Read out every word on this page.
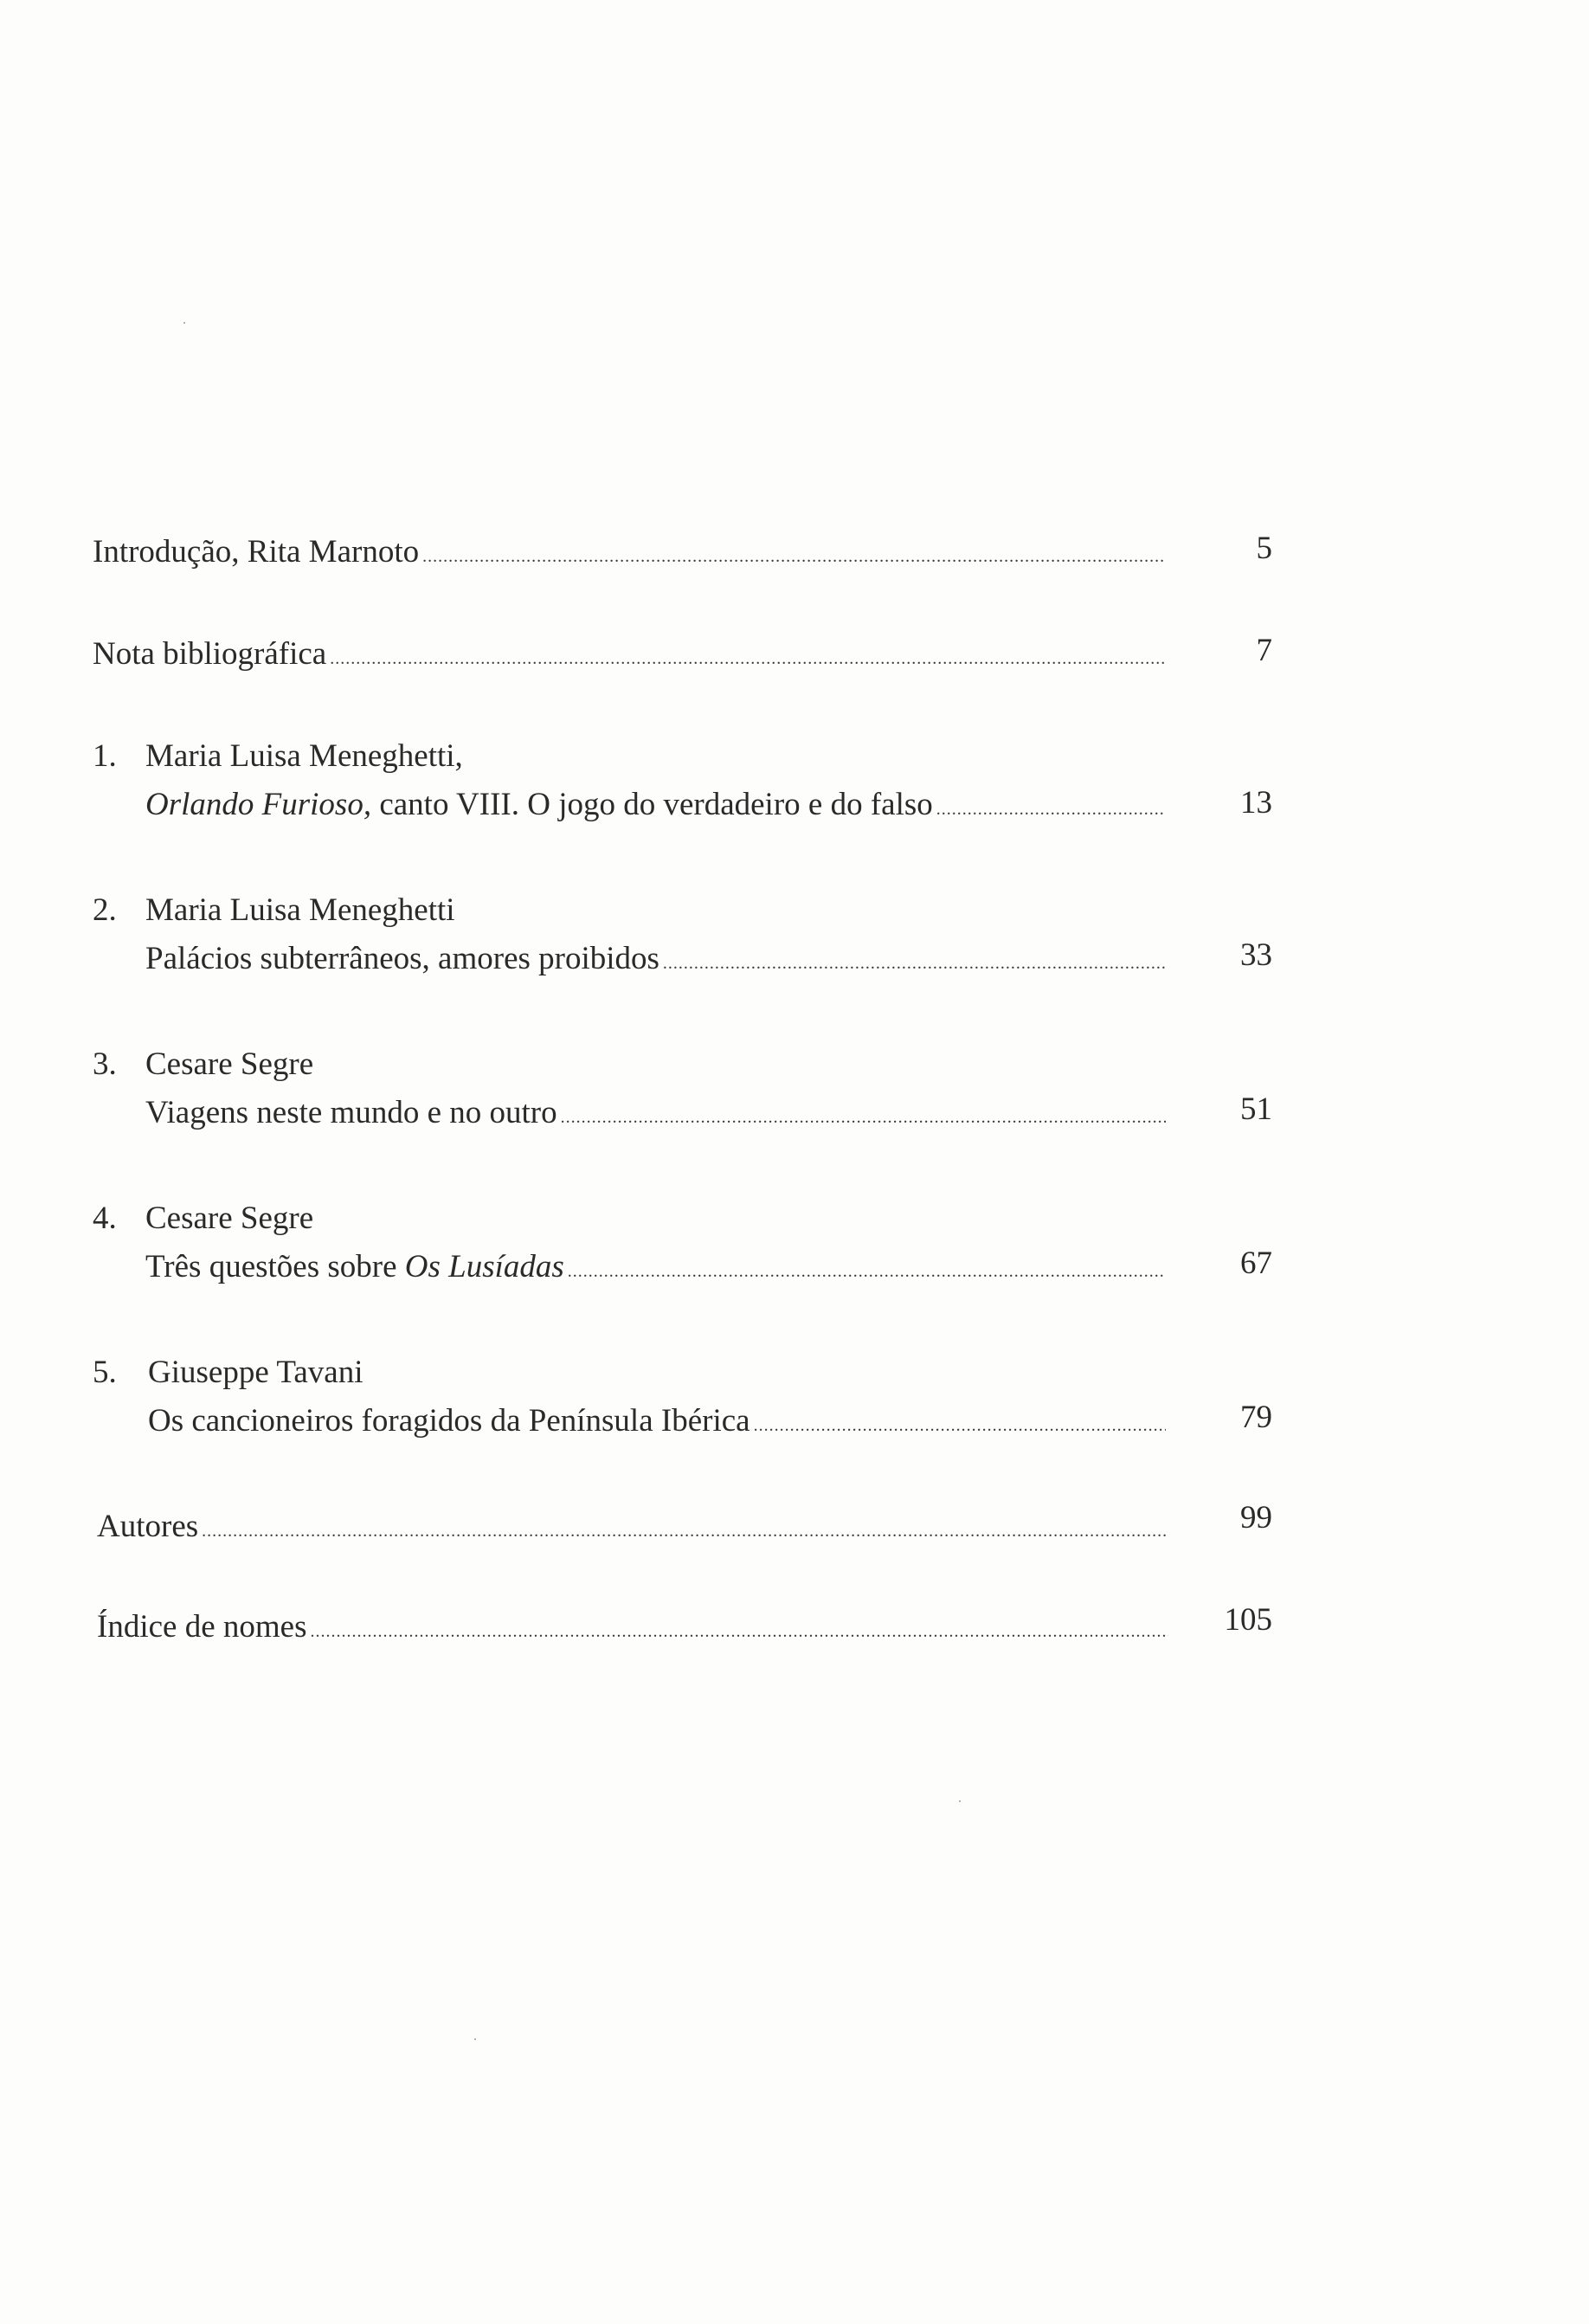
Introdução, Rita Marnoto .....	5
Nota bibliográfica .....	7
1. Maria Luisa Meneghetti,
Orlando Furioso, canto VIII. O jogo do verdadeiro e do falso .....	13
2. Maria Luisa Meneghetti
Palácios subterrâneos, amores proibidos .....	33
3. Cesare Segre
Viagens neste mundo e no outro .....	51
4. Cesare Segre
Três questões sobre Os Lusíadas .....	67
5. Giuseppe Tavani
Os cancioneiros foragidos da Península Ibérica .....	79
Autores .....	99
Índice de nomes .....	105
